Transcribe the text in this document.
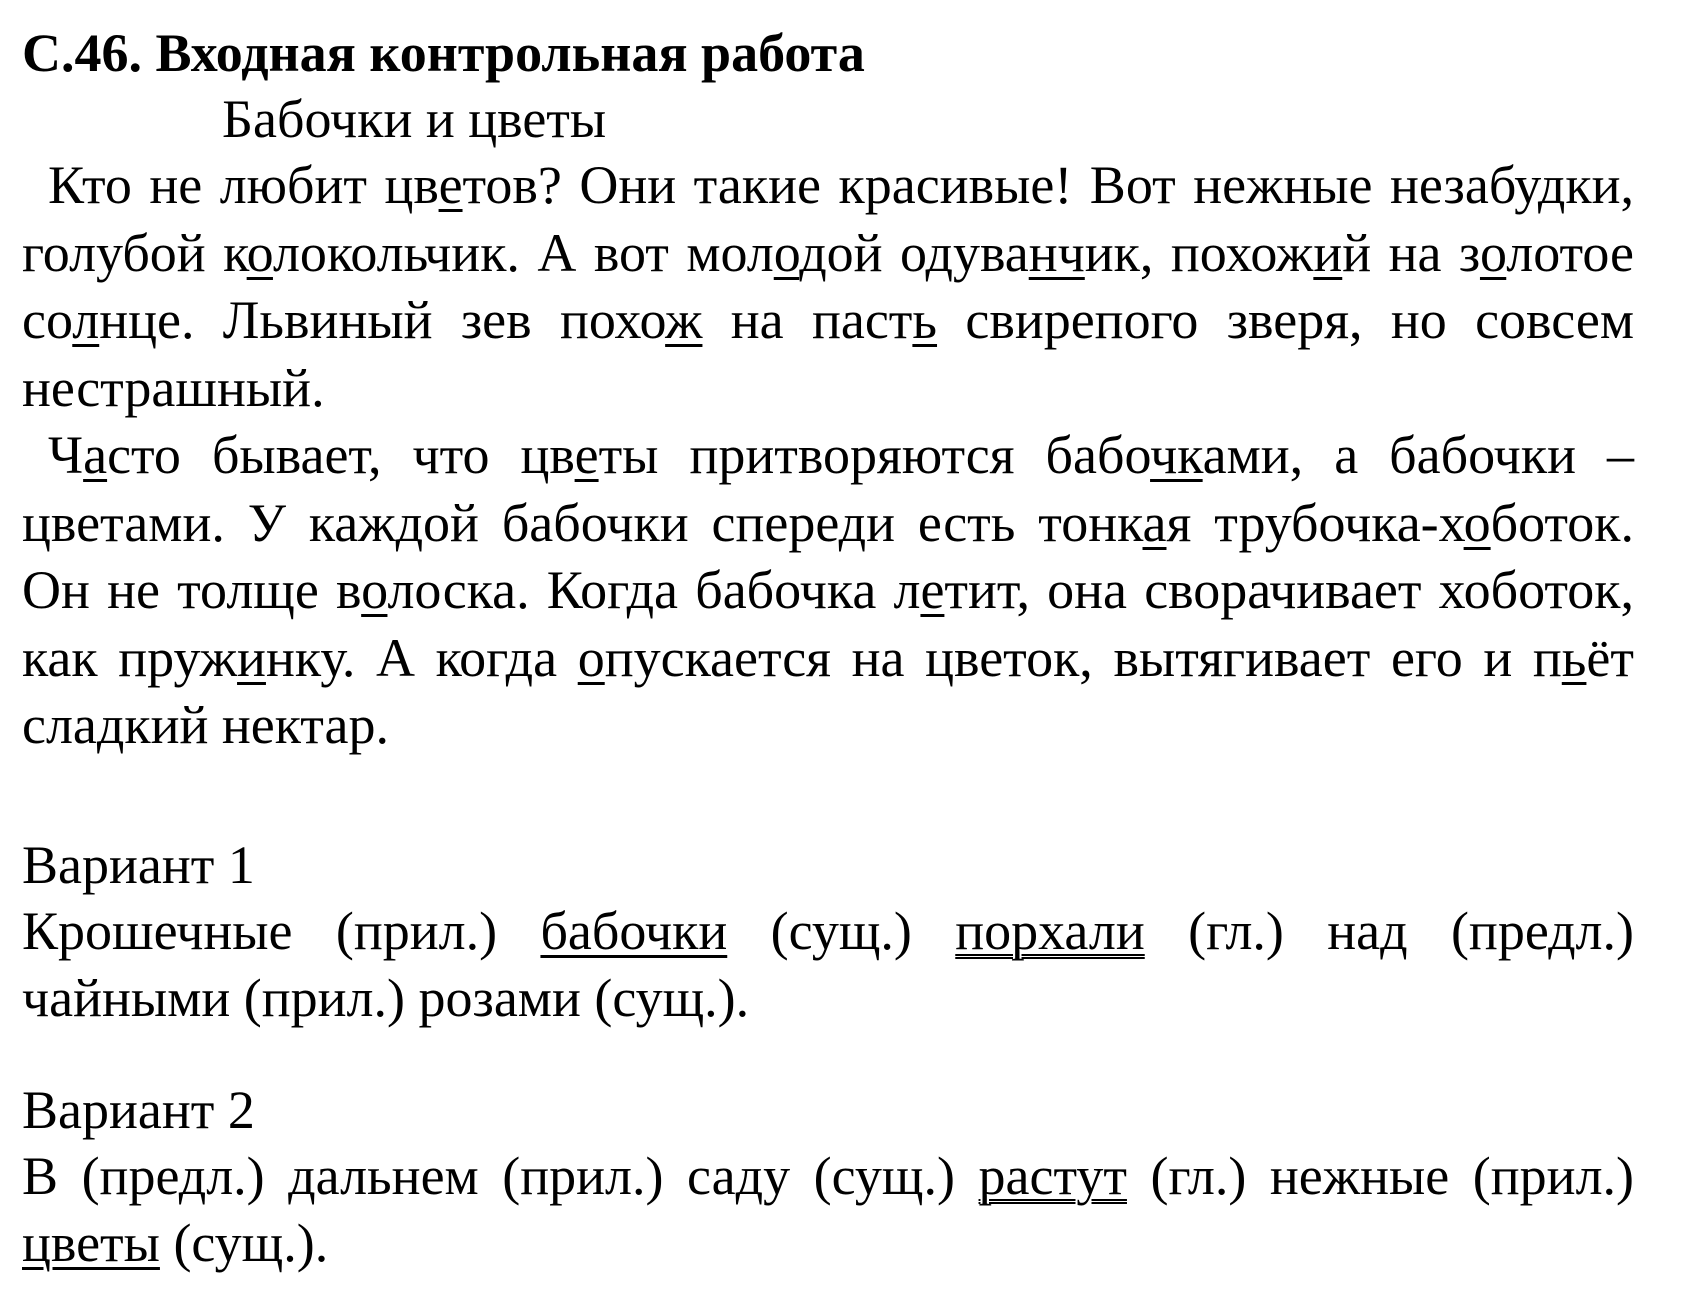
С.46. Входная контрольная работа

Бабочки и цветы

Кто не любит цветов? Они такие красивые! Вот нежные незабудки, голубой колокольчик. А вот молодой одуванчик, похожий на золотое солнце. Львиный зев похож на пасть свирепого зверя, но совсем нестрашный.

Часто бывает, что цветы притворяются бабочками, а бабочки – цветами. У каждой бабочки спереди есть тонкая трубочка-хоботок. Он не толще волоска. Когда бабочка летит, она сворачивает хоботок, как пружинку. А когда опускается на цветок, вытягивает его и пьёт сладкий нектар.

Вариант 1

Крошечные (прил.) бабочки (сущ.) порхали (гл.) над (предл.) чайными (прил.) розами (сущ.).

Вариант 2

В (предл.) дальнем (прил.) саду (сущ.) растут (гл.) нежные (прил.) цветы (сущ.).
